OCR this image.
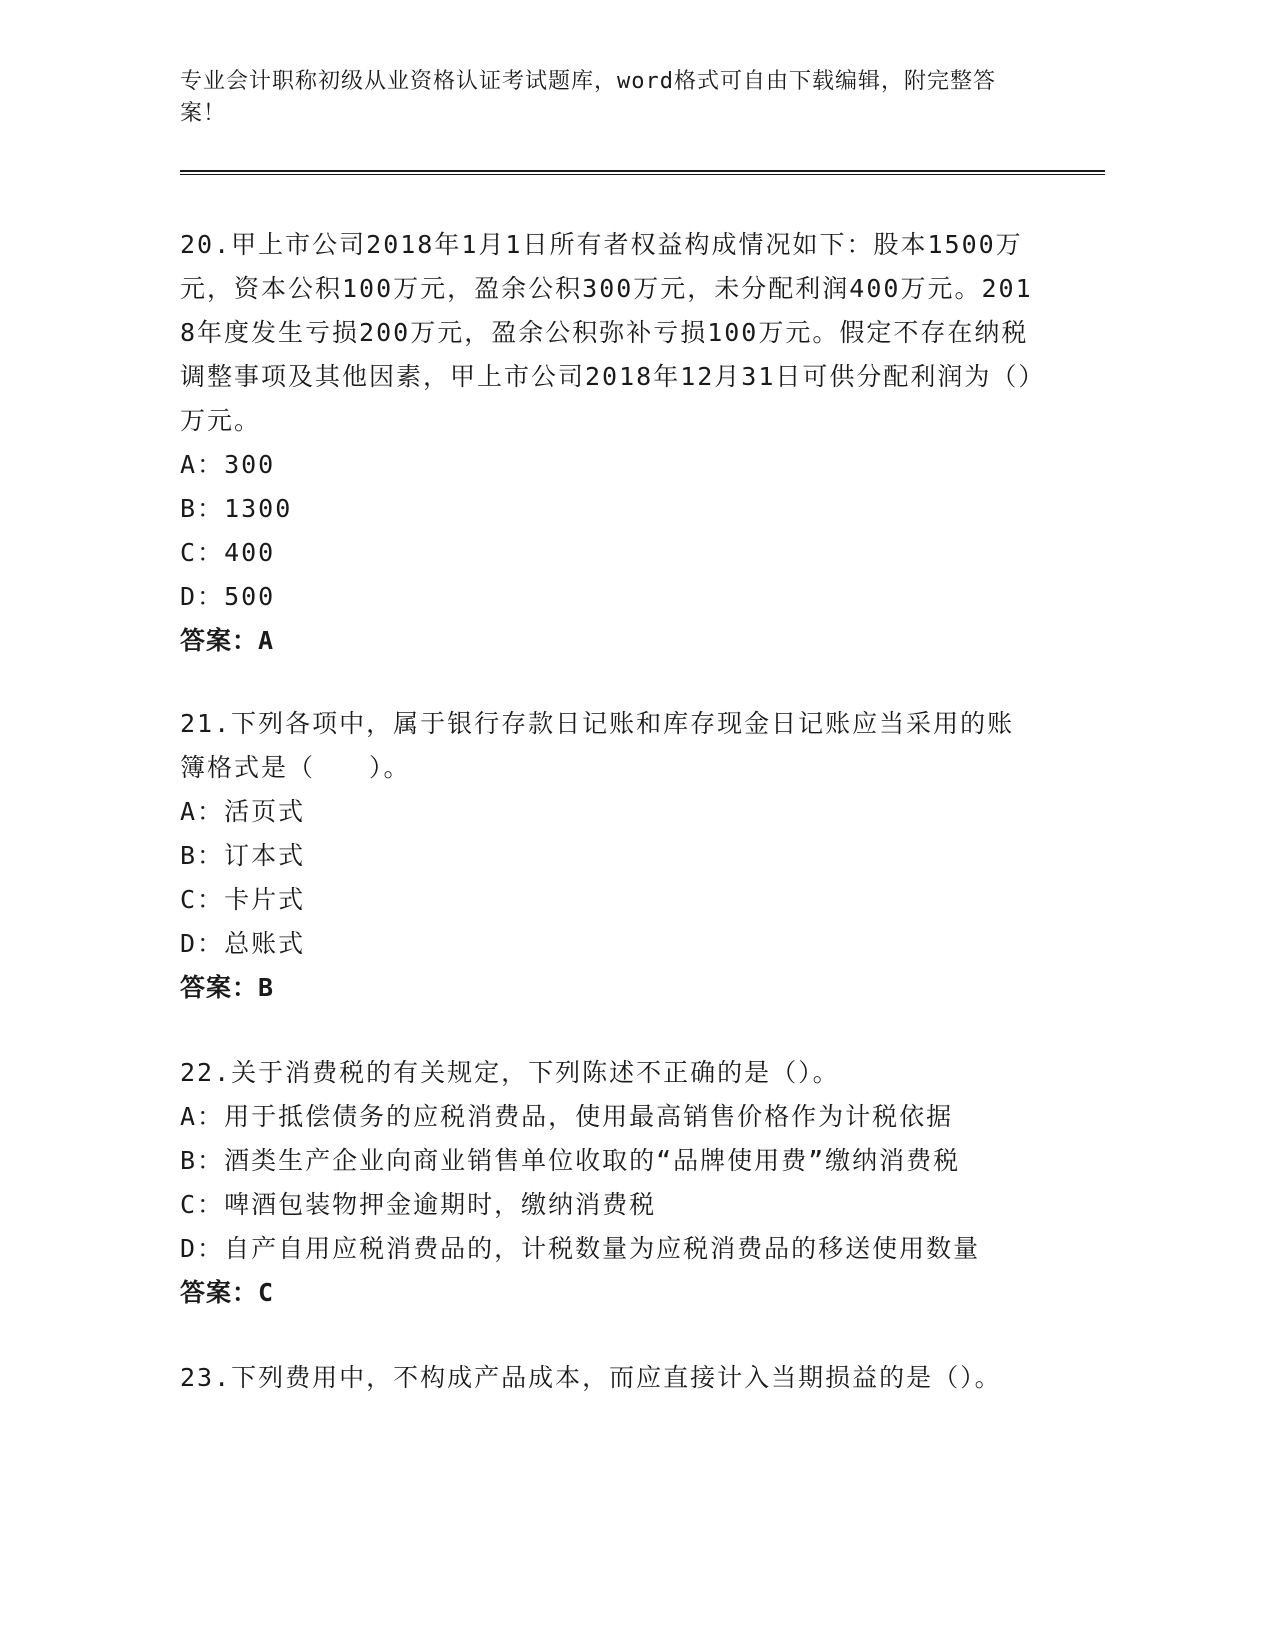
专业会计职称初级从业资格认证考试题库，word格式可自由下载编辑，附完整答案！
20.甲上市公司2018年1月1日所有者权益构成情况如下：股本1500万元，资本公积100万元，盈余公积300万元，未分配利润400万元。2018年度发生亏损200万元，盈余公积弥补亏损100万元。假定不存在纳税调整事项及其他因素，甲上市公司2018年12月31日可供分配利润为（）万元。
A：300
B：1300
C：400
D：500
答案：A
21.下列各项中，属于银行存款日记账和库存现金日记账应当采用的账簿格式是（　　）。
A：活页式
B：订本式
C：卡片式
D：总账式
答案：B
22.关于消费税的有关规定，下列陈述不正确的是（）。
A：用于抵偿债务的应税消费品，使用最高销售价格作为计税依据
B：酒类生产企业向商业销售单位收取的“品牌使用费”缴纳消费税
C：啤酒包装物押金逾期时，缴纳消费税
D：自产自用应税消费品的，计税数量为应税消费品的移送使用数量
答案：C
23.下列费用中，不构成产品成本，而应直接计入当期损益的是（）。
